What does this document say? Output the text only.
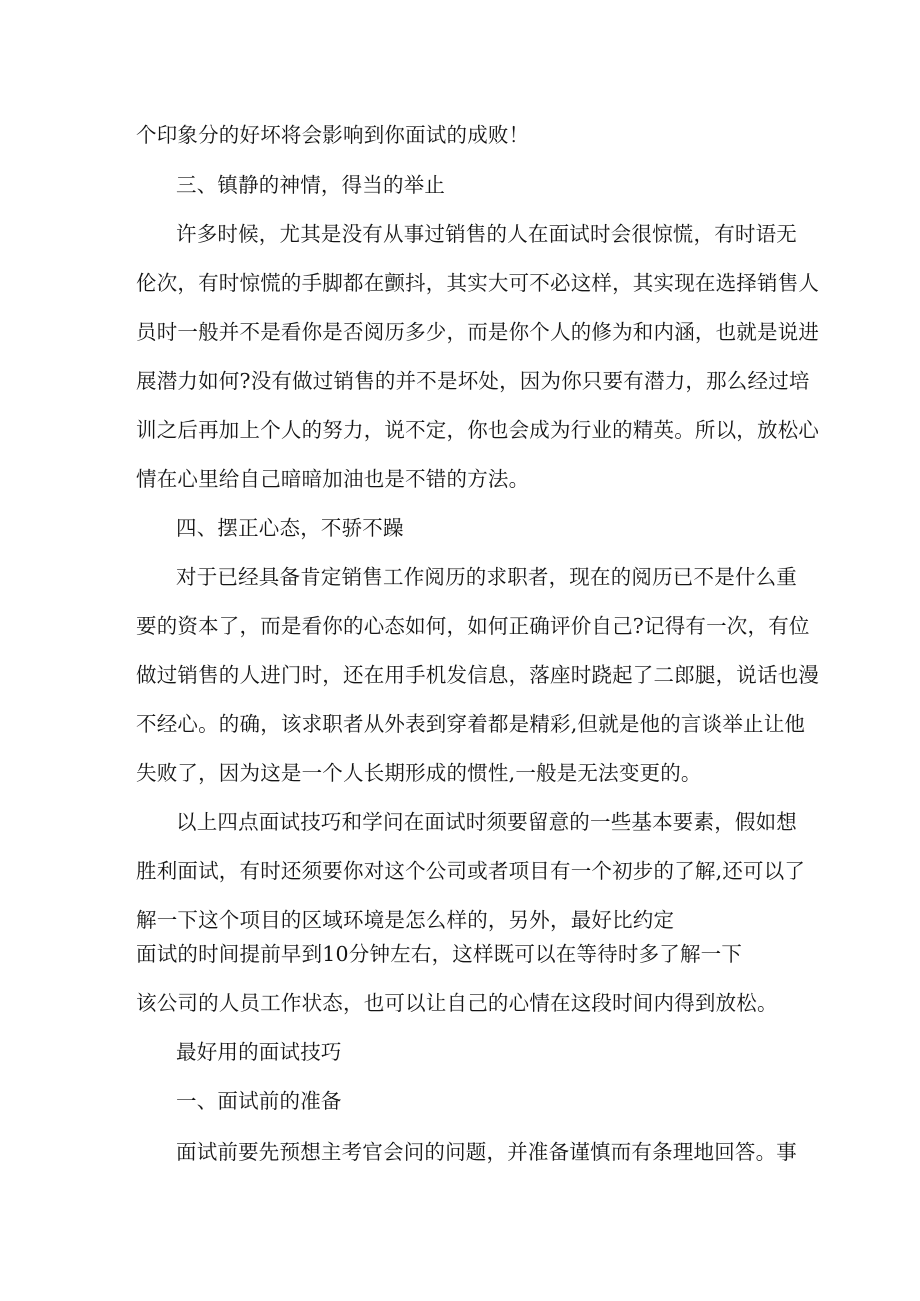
个印象分的好坏将会影响到你面试的成败！
三、镇静的神情，得当的举止
许多时候，尤其是没有从事过销售的人在面试时会很惊慌，有时语无
伦次，有时惊慌的手脚都在颤抖，其实大可不必这样，其实现在选择销售人
员时一般并不是看你是否阅历多少，而是你个人的修为和内涵，也就是说进
展潜力如何?没有做过销售的并不是坏处，因为你只要有潜力，那么经过培
训之后再加上个人的努力，说不定，你也会成为行业的精英。所以，放松心
情在心里给自己暗暗加油也是不错的方法。
四、摆正心态，不骄不躁
对于已经具备肯定销售工作阅历的求职者，现在的阅历已不是什么重
要的资本了，而是看你的心态如何，如何正确评价自己?记得有一次，有位
做过销售的人进门时，还在用手机发信息，落座时跷起了二郎腿，说话也漫
不经心。的确，该求职者从外表到穿着都是精彩,但就是他的言谈举止让他
失败了，因为这是一个人长期形成的惯性,一般是无法变更的。
以上四点面试技巧和学问在面试时须要留意的一些基本要素，假如想
胜利面试，有时还须要你对这个公司或者项目有一个初步的了解,还可以了
解一下这个项目的区域环境是怎么样的，另外，最好比约定
面试的时间提前早到10分钟左右，这样既可以在等待时多了解一下
该公司的人员工作状态，也可以让自己的心情在这段时间内得到放松。
最好用的面试技巧
一、面试前的准备
面试前要先预想主考官会问的问题，并准备谨慎而有条理地回答。事
